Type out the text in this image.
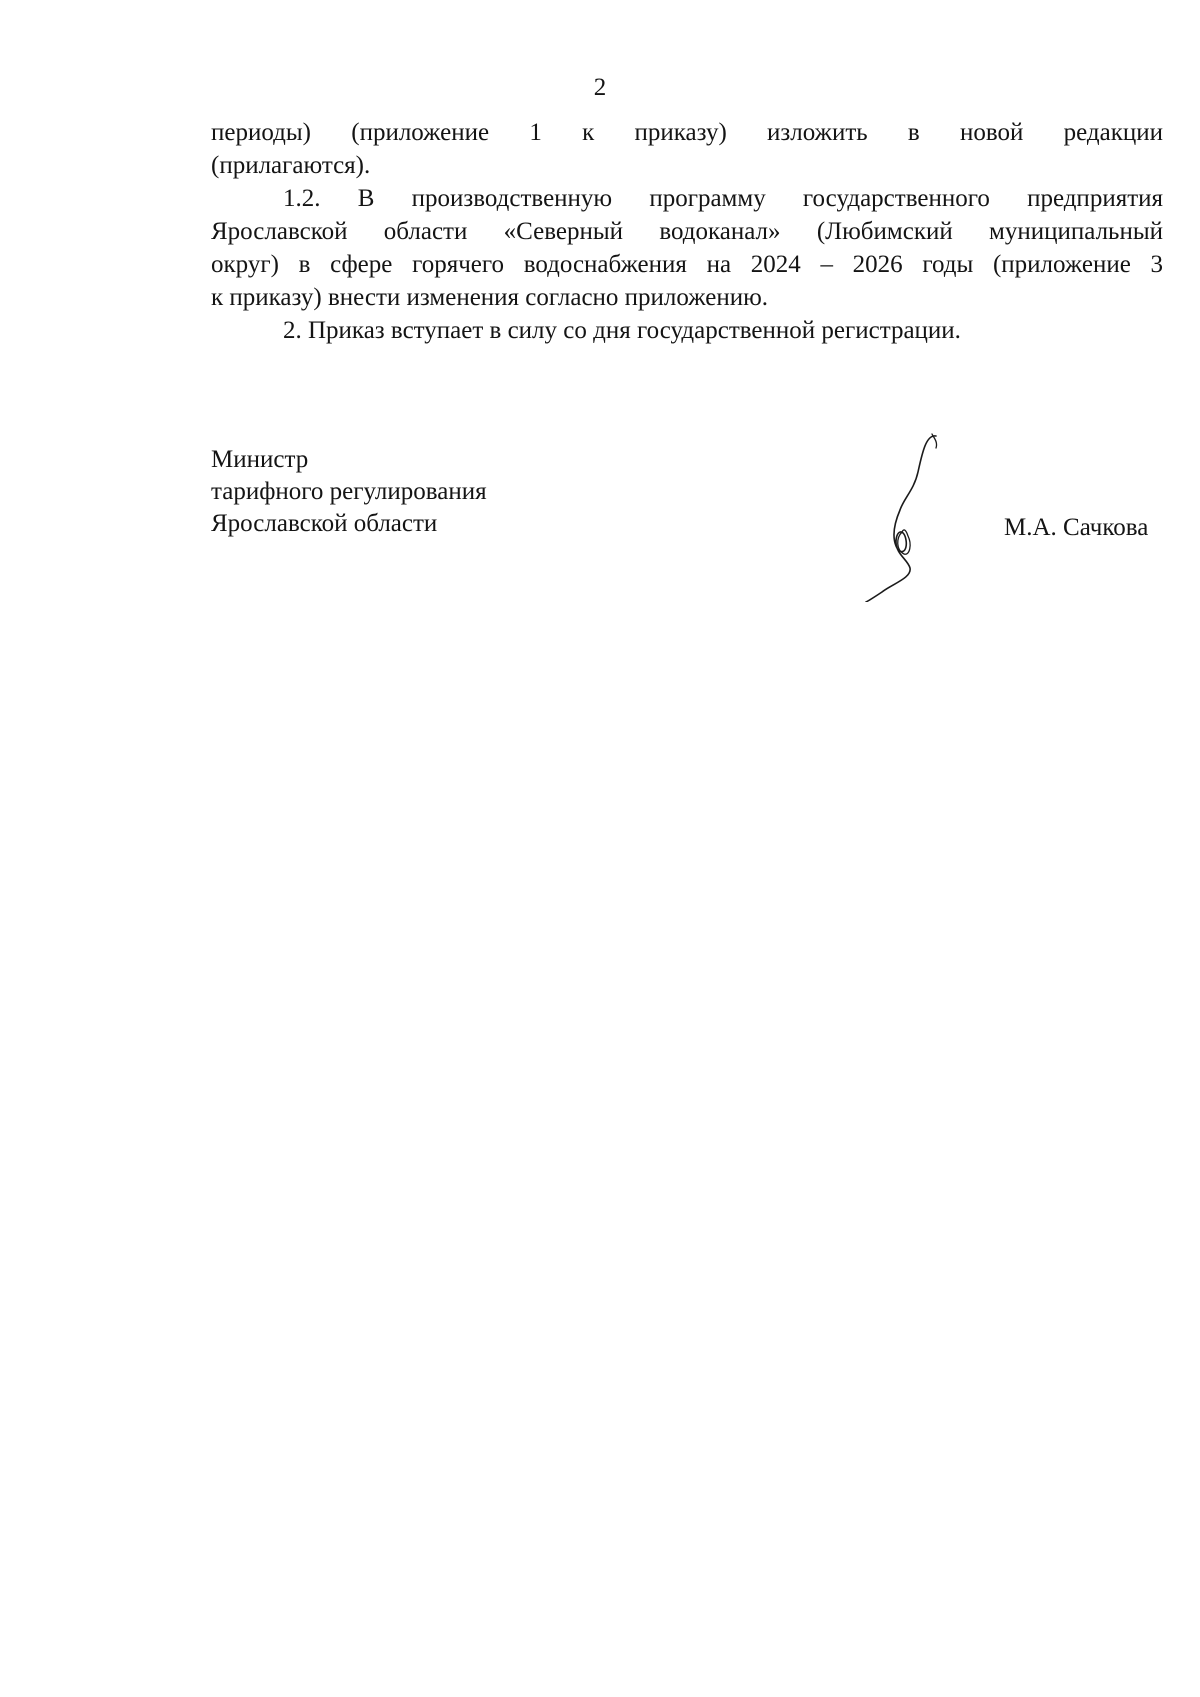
2
периоды) (приложение 1 к приказу) изложить в новой редакции
(прилагаются).
1.2. В производственную программу государственного предприятия
Ярославской области «Северный водоканал» (Любимский муниципальный
округ) в сфере горячего водоснабжения на 2024 – 2026 годы (приложение 3
к приказу) внести изменения согласно приложению.
2. Приказ вступает в силу со дня государственной регистрации.
Министр
тарифного регулирования
Ярославской области	М.А. Сачкова
